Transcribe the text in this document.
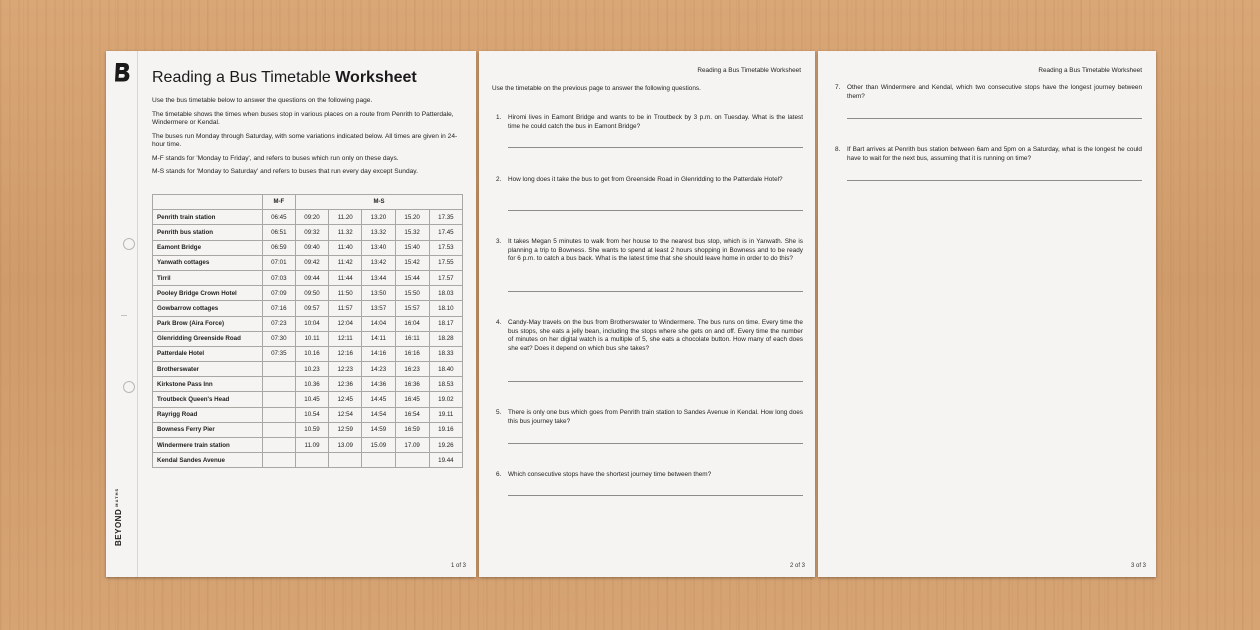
$BEYOND^{MATHS}$
Reading a Bus Timetable Worksheet

Use the bus timetable below to answer the questions on the following page.

The timetable shows the times when buses stop in various places on a route from Penrith to Patterdale, Windermere or Kendal.

The buses run Monday through Saturday, with some variations indicated below. All times are given in 24-hour time.

M-F stands for 'Monday to Friday', and refers to buses which run only on these days.

M-S stands for 'Monday to Saturday' and refers to buses that run every day except Sunday.

	M-F	M-S				
Penrith train station	06:45	09:20	11.20	13.20	15.20	17.35
Penrith bus station	06:51	09:32	11.32	13.32	15.32	17.45
Eamont Bridge	06:59	09:40	11:40	13:40	15:40	17.53
Yanwath cottages	07:01	09:42	11:42	13:42	15:42	17.55
Tirril	07:03	09:44	11:44	13:44	15:44	17.57
Pooley Bridge Crown Hotel	07:09	09:50	11:50	13:50	15:50	18.03
Gowbarrow cottages	07:16	09:57	11:57	13:57	15:57	18.10
Park Brow (Aira Force)	07:23	10:04	12:04	14:04	16:04	18.17
Glenridding Greenside Road	07:30	10.11	12:11	14:11	16:11	18.28
Patterdale Hotel	07:35	10.16	12:16	14:16	16:16	18.33
Brotherswater		10.23	12:23	14:23	16:23	18.40
Kirkstone Pass Inn		10.36	12:36	14:36	16:36	18.53
Troutbeck Queen's Head		10.45	12:45	14:45	16:45	19.02
Rayrigg Road		10.54	12:54	14:54	16:54	19.11
Bowness Ferry Pier		10.59	12:59	14:59	16:59	19.16
Windermere train station		11.09	13.09	15.09	17.09	19.26
Kendal Sandes Avenue						19.44
1 of 3
Reading a Bus Timetable Worksheet
Use the timetable on the previous page to answer the following questions.
1. Hiromi lives in Eamont Bridge and wants to be in Troutbeck by 3 p.m. on Tuesday. What is the latest time he could catch the bus in Eamont Bridge?
2. How long does it take the bus to get from Greenside Road in Glenridding to the Patterdale Hotel?
3. It takes Megan 5 minutes to walk from her house to the nearest bus stop, which is in Yanwath. She is planning a trip to Bowness. She wants to spend at least 2 hours shopping in Bowness and to be ready for 6 p.m. to catch a bus back. What is the latest time that she should leave home in order to do this?
4. Candy-May travels on the bus from Brotherswater to Windermere. The bus runs on time. Every time the bus stops, she eats a jelly bean, including the stops where she gets on and off. Every time the number of minutes on her digital watch is a multiple of 5, she eats a chocolate button. How many of each does she eat? Does it depend on which bus she takes?
5. There is only one bus which goes from Penrith train station to Sandes Avenue in Kendal. How long does this bus journey take?
6. Which consecutive stops have the shortest journey time between them?
2 of 3
Reading a Bus Timetable Worksheet
7. Other than Windermere and Kendal, which two consecutive stops have the longest journey between them?
8. If Bart arrives at Penrith bus station between 6am and 5pm on a Saturday, what is the longest he could have to wait for the next bus, assuming that it is running on time?
3 of 3
